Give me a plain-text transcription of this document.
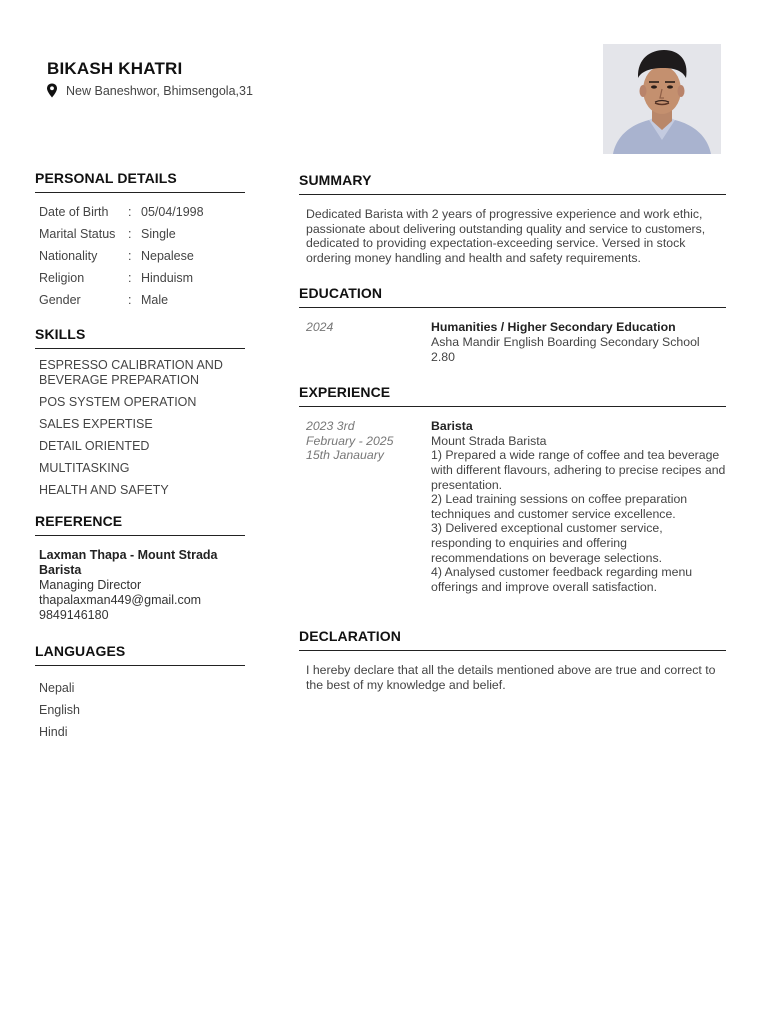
BIKASH KHATRI
New Baneshwor, Bhimsengola,31
PERSONAL DETAILS
Date of Birth	: 05/04/1998
Marital Status	: Single
Nationality	: Nepalese
Religion	: Hinduism
Gender	: Male
SKILLS
ESPRESSO CALIBRATION AND BEVERAGE PREPARATION
POS SYSTEM OPERATION
SALES EXPERTISE
DETAIL ORIENTED
MULTITASKING
HEALTH AND SAFETY
REFERENCE
Laxman Thapa - Mount Strada Barista
Managing Director
thapalaxman449@gmail.com
9849146180
LANGUAGES
Nepali
English
Hindi
SUMMARY
Dedicated Barista with 2 years of progressive experience and work ethic, passionate about delivering outstanding quality and service to customers, dedicated to providing expectation-exceeding service. Versed in stock ordering money handling and health and safety requirements.
EDUCATION
2024	Humanities / Higher Secondary Education
Asha Mandir English Boarding Secondary School
2.80
EXPERIENCE
2023 3rd February - 2025 15th Janauary
Barista
Mount Strada Barista
1) Prepared a wide range of coffee and tea beverage with different flavours, adhering to precise recipes and presentation.
2) Lead training sessions on coffee preparation techniques and customer service excellence.
3) Delivered exceptional customer service, responding to enquiries and offering recommendations on beverage selections.
4) Analysed customer feedback regarding menu offerings and improve overall satisfaction.
DECLARATION
I hereby declare that all the details mentioned above are true and correct to the best of my knowledge and belief.
